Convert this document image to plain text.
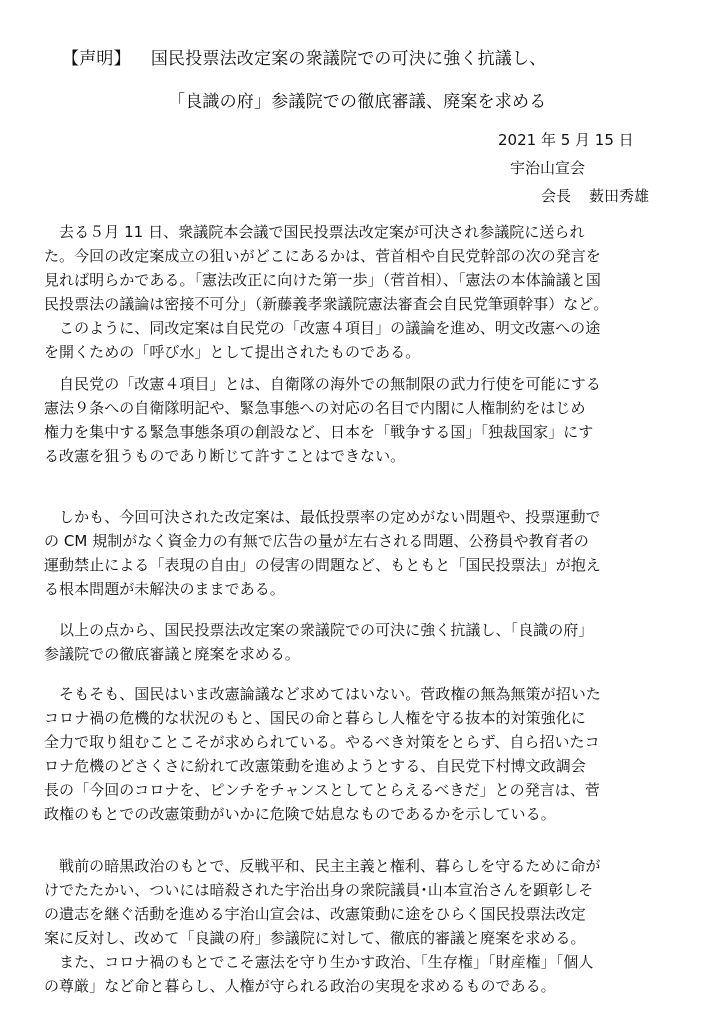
【声明】 国民投票法改定案の衆議院での可決に強く抗議し、
「良識の府」参議院での徹底審議、廃案を求める
2021 年 5 月 15 日
宇治山宣会
会長 薮田秀雄
　去る５月 11 日、衆議院本会議で国民投票法改定案が可決され参議院に送られ
た。今回の改定案成立の狙いがどこにあるかは、菅首相や自民党幹部の次の発言を
見れば明らかである。「憲法改正に向けた第一歩」（菅首相）、「憲法の本体論議と国
民投票法の議論は密接不可分」（新藤義孝衆議院憲法審査会自民党筆頭幹事）など。
　このように、同改定案は自民党の「改憲４項目」の議論を進め、明文改憲への途
を開くための「呼び水」として提出されたものである。
　自民党の「改憲４項目」とは、自衛隊の海外での無制限の武力行使を可能にする
憲法９条への自衛隊明記や、緊急事態への対応の名目で内閣に人権制約をはじめ
権力を集中する緊急事態条項の創設など、日本を「戦争する国」「独裁国家」にす
る改憲を狙うものであり断じて許すことはできない。
　しかも、今回可決された改定案は、最低投票率の定めがない問題や、投票運動で
の CM 規制がなく資金力の有無で広告の量が左右される問題、公務員や教育者の
運動禁止による「表現の自由」の侵害の問題など、もともと「国民投票法」が抱え
る根本問題が未解決のままである。
　以上の点から、国民投票法改定案の衆議院での可決に強く抗議し、「良識の府」
参議院での徹底審議と廃案を求める。
　そもそも、国民はいま改憲論議など求めてはいない。菅政権の無為無策が招いた
コロナ禍の危機的な状況のもと、国民の命と暮らし人権を守る抜本的対策強化に
全力で取り組むことこそが求められている。やるべき対策をとらず、自ら招いたコ
ロナ危機のどさくさに紛れて改憲策動を進めようとする、自民党下村博文政調会
長の「今回のコロナを、ピンチをチャンスとしてとらえるべきだ」との発言は、菅
政権のもとでの改憲策動がいかに危険で姑息なものであるかを示している。
　戦前の暗黒政治のもとで、反戦平和、民主主義と権利、暮らしを守るために命が
けでたたかい、ついには暗殺された宇治出身の衆院議員･山本宣治さんを顕彰しそ
の遺志を継ぐ活動を進める宇治山宣会は、改憲策動に途をひらく国民投票法改定
案に反対し、改めて「良識の府」参議院に対して、徹底的審議と廃案を求める。
　また、コロナ禍のもとでこそ憲法を守り生かす政治、「生存権」「財産権」「個人
の尊厳」など命と暮らし、人権が守られる政治の実現を求めるものである。
